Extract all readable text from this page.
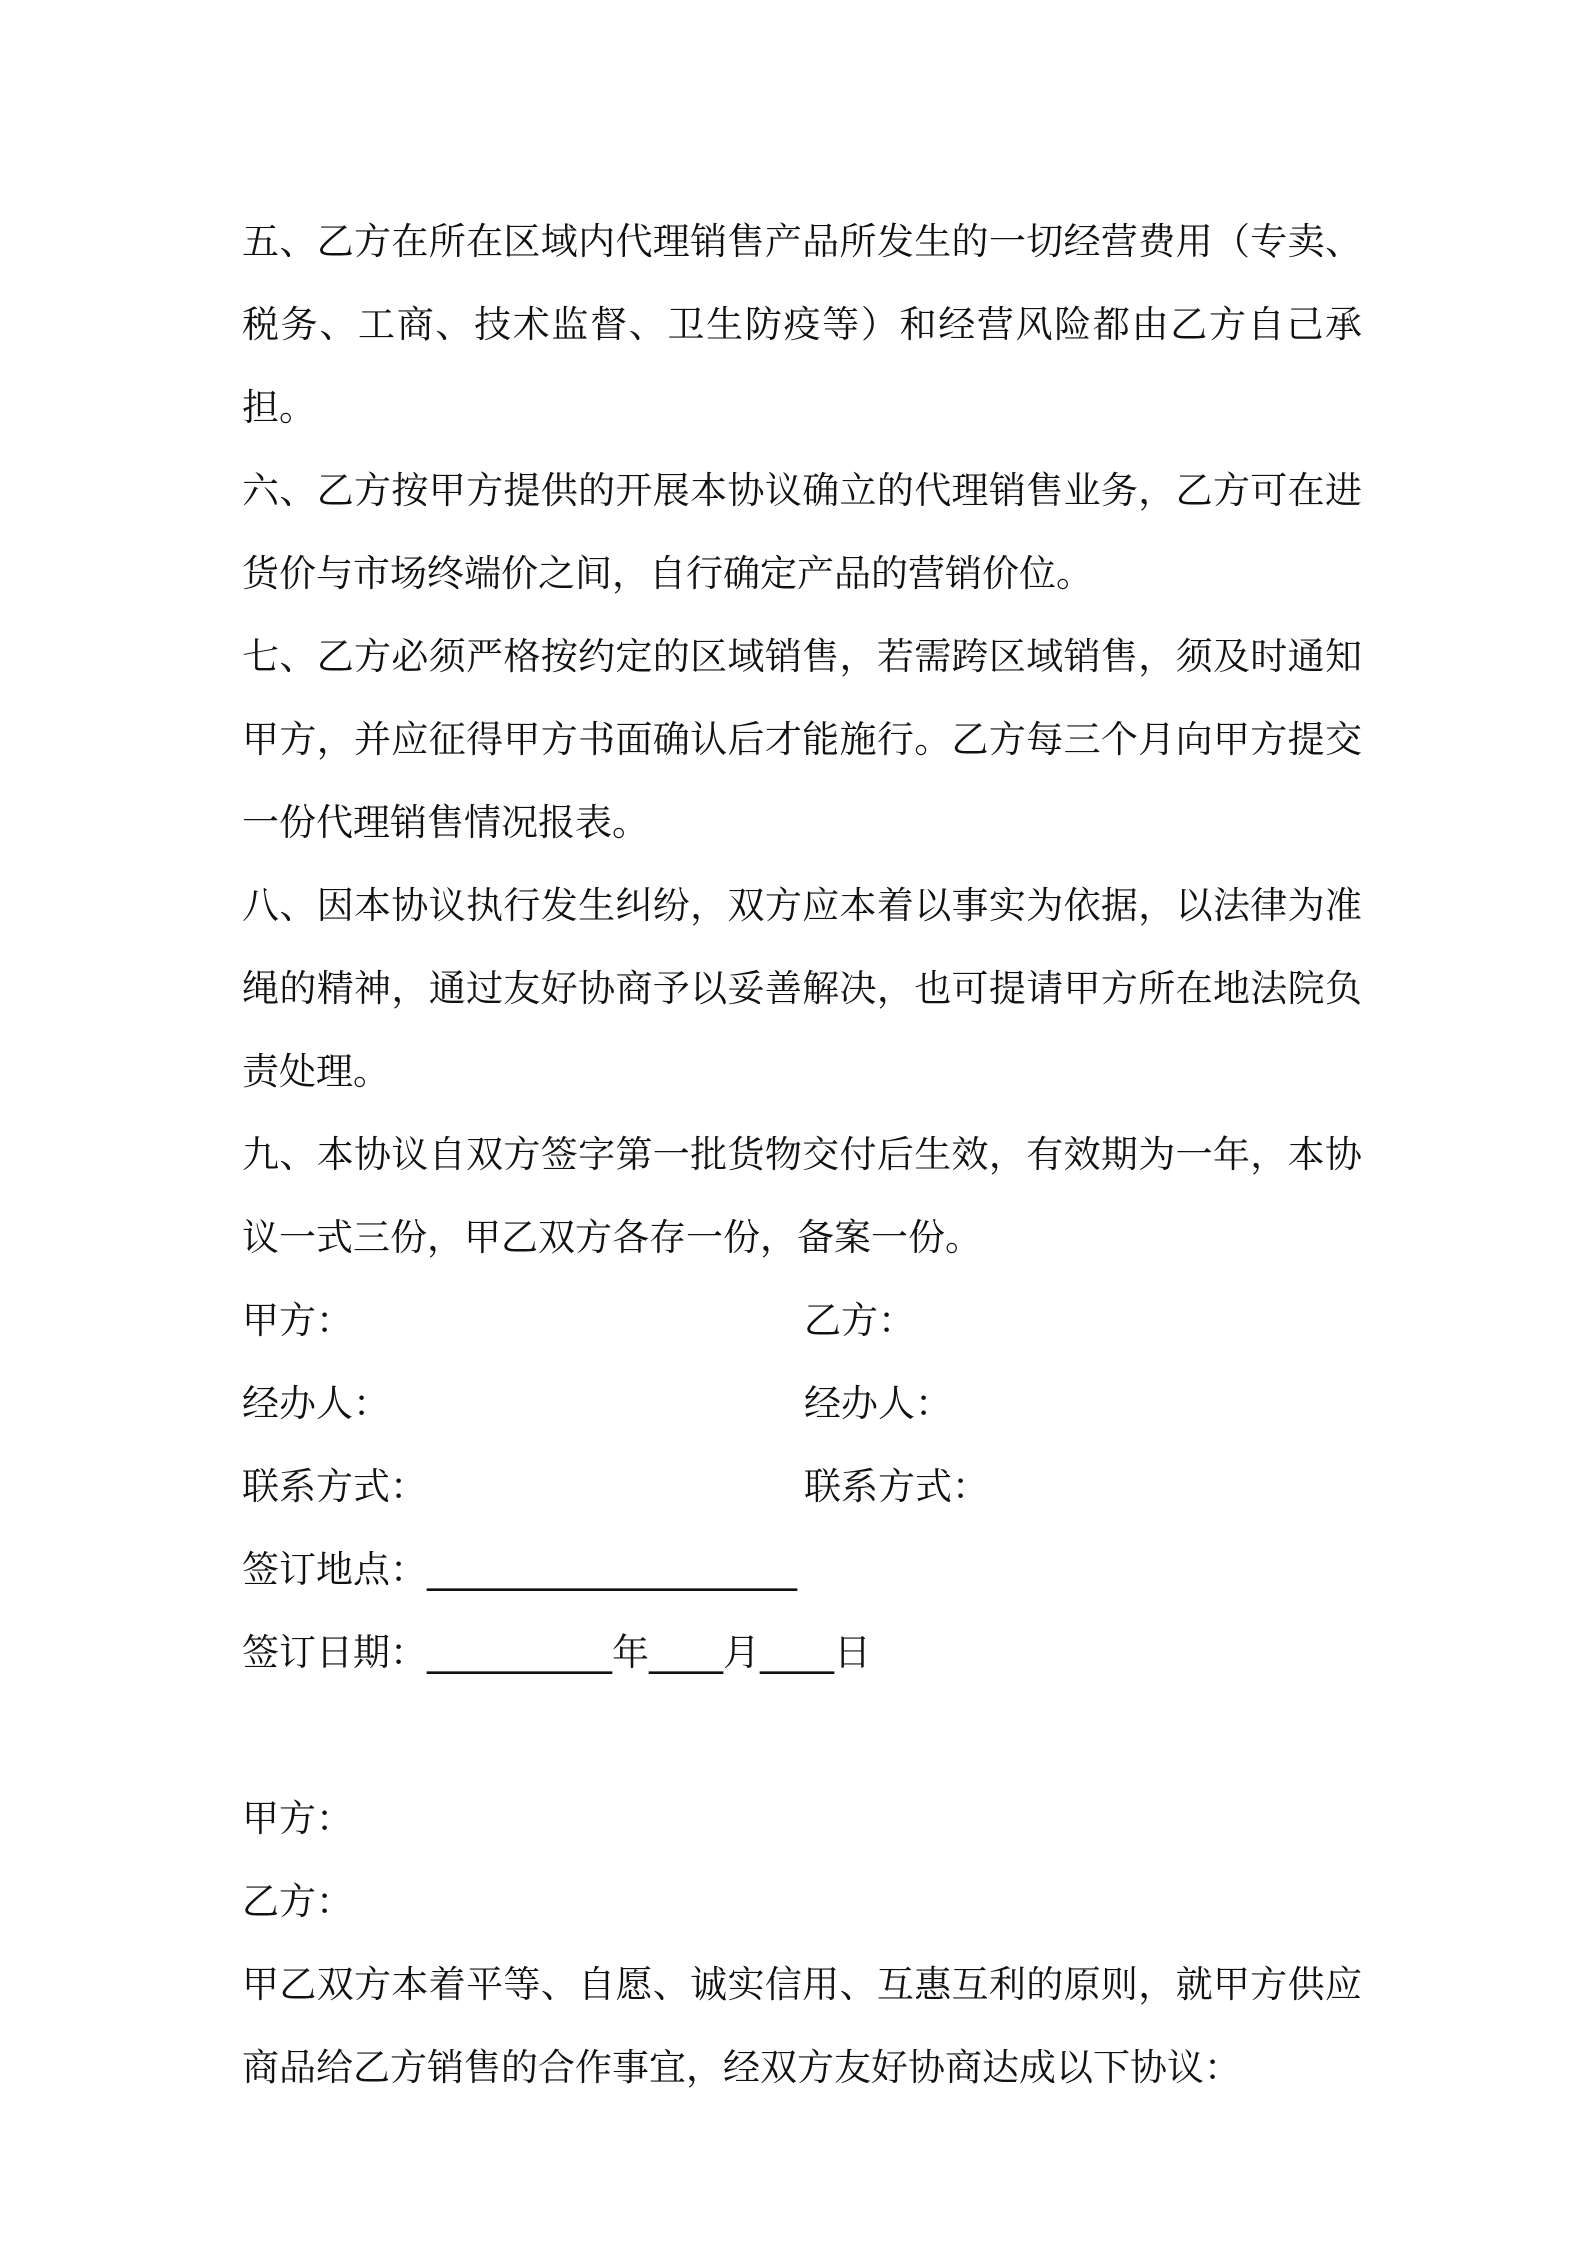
五、乙方在所在区域内代理销售产品所发生的一切经营费用（专卖、税务、工商、技术监督、卫生防疫等）和经营风险都由乙方自己承担。

六、乙方按甲方提供的开展本协议确立的代理销售业务，乙方可在进货价与市场终端价之间，自行确定产品的营销价位。

七、乙方必须严格按约定的区域销售，若需跨区域销售，须及时通知甲方，并应征得甲方书面确认后才能施行。乙方每三个月向甲方提交一份代理销售情况报表。

八、因本协议执行发生纠纷，双方应本着以事实为依据，以法律为准绳的精神，通过友好协商予以妥善解决，也可提请甲方所在地法院负责处理。

九、本协议自双方签字第一批货物交付后生效，有效期为一年，本协议一式三份，甲乙双方各存一份，备案一份。

甲方：	乙方：
经办人：	经办人：
联系方式：	联系方式：

签订地点：____________________

签订日期：__________年____月____日

甲方：

乙方：

甲乙双方本着平等、自愿、诚实信用、互惠互利的原则，就甲方供应商品给乙方销售的合作事宜，经双方友好协商达成以下协议：
